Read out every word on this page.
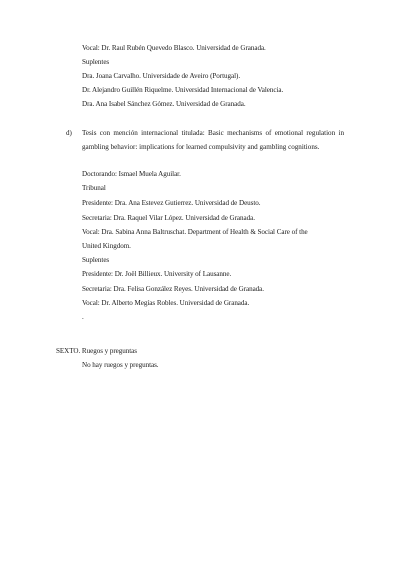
Vocal: Dr. Raul Rubén Quevedo Blasco. Universidad de Granada.
Suplentes
Dra. Joana Carvalho. Universidade de Aveiro (Portugal).
Dr. Alejandro Guillén Riquelme. Universidad Internacional de Valencia.
Dra. Ana Isabel Sánchez Gómez. Universidad de Granada.
d) Tesis con mención internacional titulada: Basic mechanisms of emotional regulation in gambling behavior: implications for learned compulsivity and gambling cognitions.
Doctorando: Ismael Muela Aguilar.
Tribunal
Presidente: Dra. Ana Estevez Gutierrez. Universidad de Deusto.
Secretaria: Dra. Raquel Vilar López. Universidad de Granada.
Vocal: Dra. Sabina Anna Baltruschat. Department of Health & Social Care of the
United Kingdom.
Suplentes
Presidente: Dr. Joël Billieux. University of Lausanne.
Secretaria: Dra. Felisa González Reyes. Universidad de Granada.
Vocal: Dr. Alberto Megías Robles. Universidad de Granada.
.
SEXTO. Ruegos y preguntas
No hay ruegos y preguntas.
